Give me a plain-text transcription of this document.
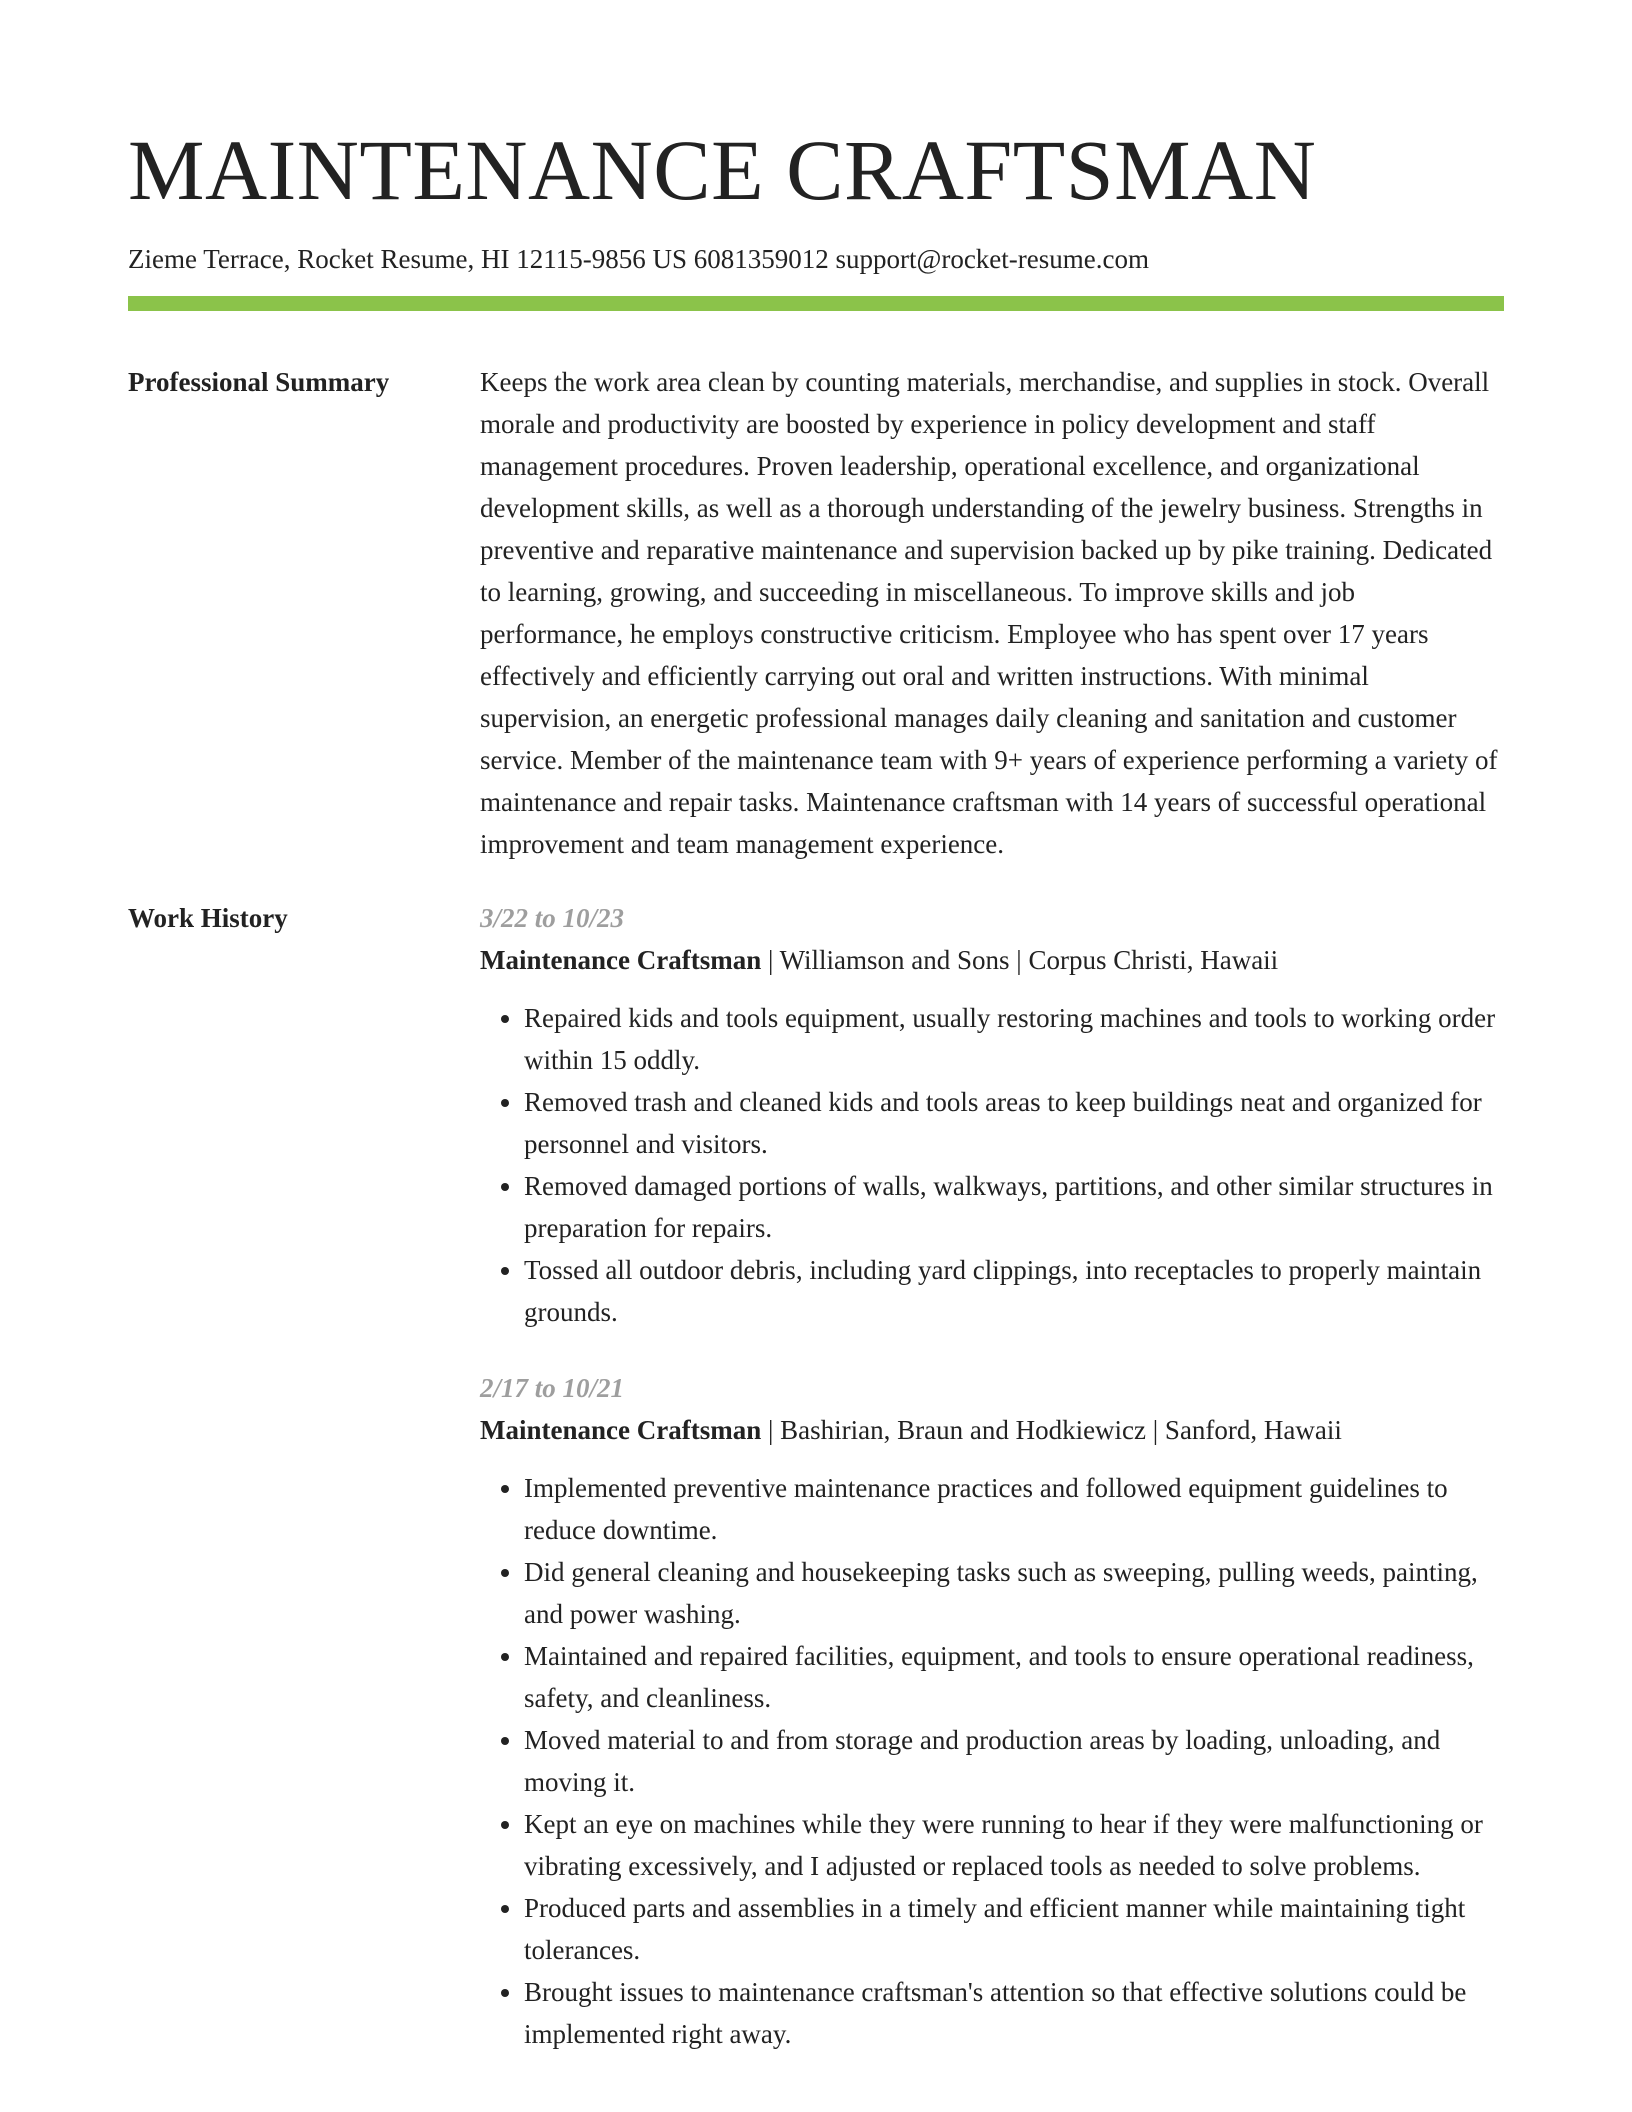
MAINTENANCE CRAFTSMAN
Zieme Terrace, Rocket Resume, HI 12115-9856 US 6081359012 support@rocket-resume.com
Professional Summary	Keeps the work area clean by counting materials, merchandise, and supplies in stock. Overall morale and productivity are boosted by experience in policy development and staff management procedures. Proven leadership, operational excellence, and organizational development skills, as well as a thorough understanding of the jewelry business. Strengths in preventive and reparative maintenance and supervision backed up by pike training. Dedicated to learning, growing, and succeeding in miscellaneous. To improve skills and job performance, he employs constructive criticism. Employee who has spent over 17 years effectively and efficiently carrying out oral and written instructions. With minimal supervision, an energetic professional manages daily cleaning and sanitation and customer service. Member of the maintenance team with 9+ years of experience performing a variety of maintenance and repair tasks. Maintenance craftsman with 14 years of successful operational improvement and team management experience.

Work History	3/22 to 10/23
Maintenance Craftsman | Williamson and Sons | Corpus Christi, Hawaii
• Repaired kids and tools equipment, usually restoring machines and tools to working order within 15 oddly.
• Removed trash and cleaned kids and tools areas to keep buildings neat and organized for personnel and visitors.
• Removed damaged portions of walls, walkways, partitions, and other similar structures in preparation for repairs.
• Tossed all outdoor debris, including yard clippings, into receptacles to properly maintain grounds.
2/17 to 10/21
Maintenance Craftsman | Bashirian, Braun and Hodkiewicz | Sanford, Hawaii
• Implemented preventive maintenance practices and followed equipment guidelines to reduce downtime.
• Did general cleaning and housekeeping tasks such as sweeping, pulling weeds, painting, and power washing.
• Maintained and repaired facilities, equipment, and tools to ensure operational readiness, safety, and cleanliness.
• Moved material to and from storage and production areas by loading, unloading, and moving it.
• Kept an eye on machines while they were running to hear if they were malfunctioning or vibrating excessively, and I adjusted or replaced tools as needed to solve problems.
• Produced parts and assemblies in a timely and efficient manner while maintaining tight tolerances.
• Brought issues to maintenance craftsman's attention so that effective solutions could be implemented right away.
